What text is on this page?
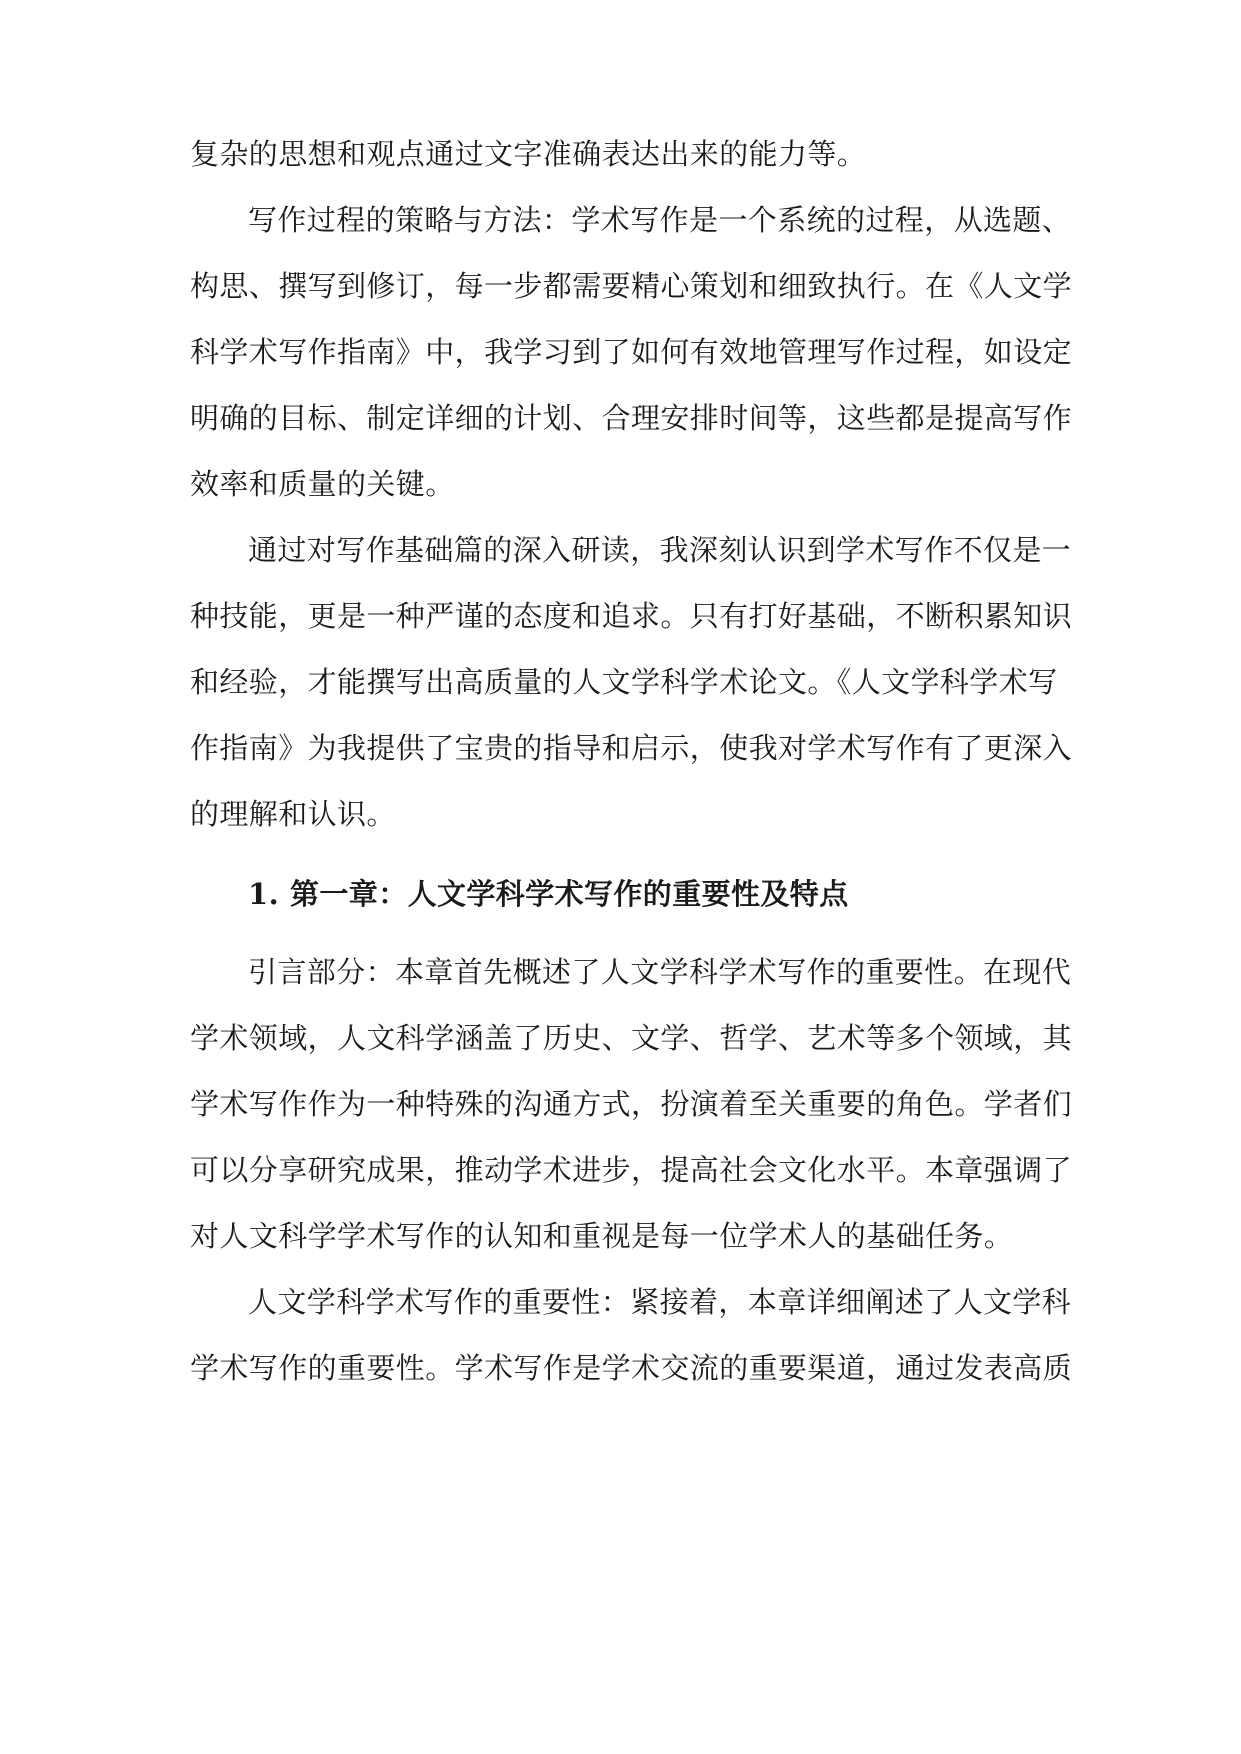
复杂的思想和观点通过文字准确表达出来的能力等。
写作过程的策略与方法：学术写作是一个系统的过程，从选题、
构思、撰写到修订，每一步都需要精心策划和细致执行。在《人文学
科学术写作指南》中，我学习到了如何有效地管理写作过程，如设定
明确的目标、制定详细的计划、合理安排时间等，这些都是提高写作
效率和质量的关键。
通过对写作基础篇的深入研读，我深刻认识到学术写作不仅是一
种技能，更是一种严谨的态度和追求。只有打好基础，不断积累知识
和经验，才能撰写出高质量的人文学科学术论文。《人文学科学术写
作指南》为我提供了宝贵的指导和启示，使我对学术写作有了更深入
的理解和认识。
1. 第一章：人文学科学术写作的重要性及特点
引言部分：本章首先概述了人文学科学术写作的重要性。在现代
学术领域，人文科学涵盖了历史、文学、哲学、艺术等多个领域，其
学术写作作为一种特殊的沟通方式，扮演着至关重要的角色。学者们
可以分享研究成果，推动学术进步，提高社会文化水平。本章强调了
对人文科学学术写作的认知和重视是每一位学术人的基础任务。
人文学科学术写作的重要性：紧接着，本章详细阐述了人文学科
学术写作的重要性。学术写作是学术交流的重要渠道，通过发表高质
